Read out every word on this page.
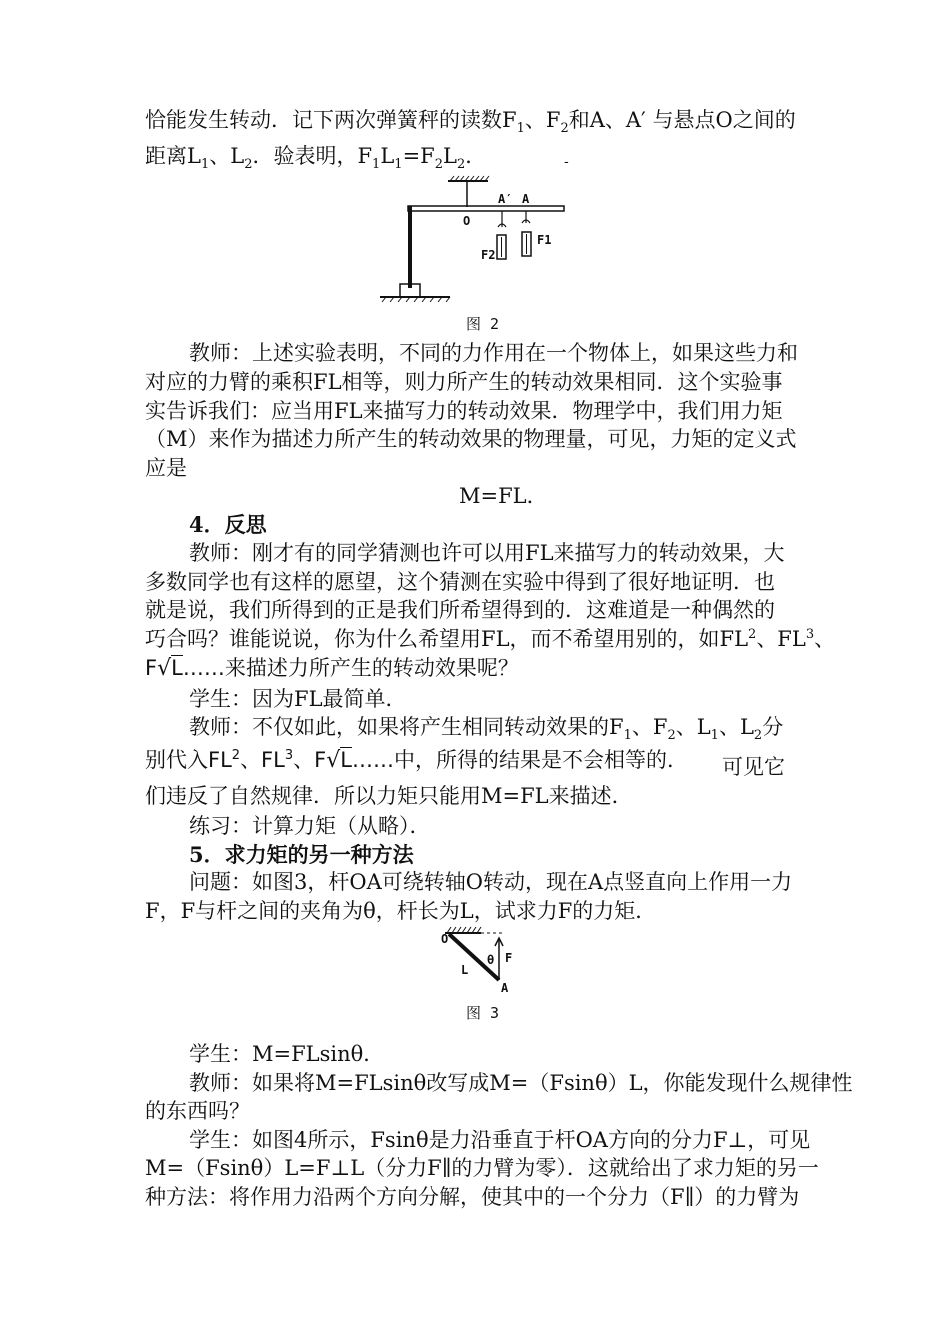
恰能发生转动．记下两次弹簧秤的读数$F_1$、$F_2$和A、A′ 与悬点O之间的
距离$L_1$、$L_2$．验表明，$F_1L_1=F_2L_2$．	-
A′ A
O
F1
F2
图 2
教师：上述实验表明，不同的力作用在一个物体上，如果这些力和
对应的力臂的乘积FL相等，则力所产生的转动效果相同．这个实验事
实告诉我们：应当用FL来描写力的转动效果．物理学中，我们用力矩
（M）来作为描述力所产生的转动效果的物理量，可见，力矩的定义式
应是
M=FL．
4．反思
教师：刚才有的同学猜测也许可以用FL来描写力的转动效果，大
多数同学也有这样的愿望，这个猜测在实验中得到了很好地证明．也
就是说，我们所得到的正是我们所希望得到的．这难道是一种偶然的
巧合吗？谁能说说，你为什么希望用FL，而不希望用别的，如$FL^2$、$FL^3$、
F√L……来描述力所产生的转动效果呢？
学生：因为FL最简单．
教师：不仅如此，如果将产生相同转动效果的$F_1$、$F_2$、$L_1$、$L_2$分
别代入$FL^2$、$FL^3$、F√L……中，所得的结果是不会相等的．	可见它
们违反了自然规律．所以力矩只能用M=FL来描述．
练习：计算力矩（从略）．
5．求力矩的另一种方法
问题：如图3，杆OA可绕转轴O转动，现在A点竖直向上作用一力
F，F与杆之间的夹角为θ，杆长为L，试求力F的力矩．
O
L
θ F
A
图 3
学生：M=FLsinθ．
教师：如果将M=FLsinθ改写成M=（Fsinθ）L，你能发现什么规律性
的东西吗？
学生：如图4所示，Fsinθ是力沿垂直于杆OA方向的分力F⊥，可见
M=（Fsinθ）L=F⊥L（分力F∥的力臂为零）．这就给出了求力矩的另一
种方法：将作用力沿两个方向分解，使其中的一个分力（F∥）的力臂为
